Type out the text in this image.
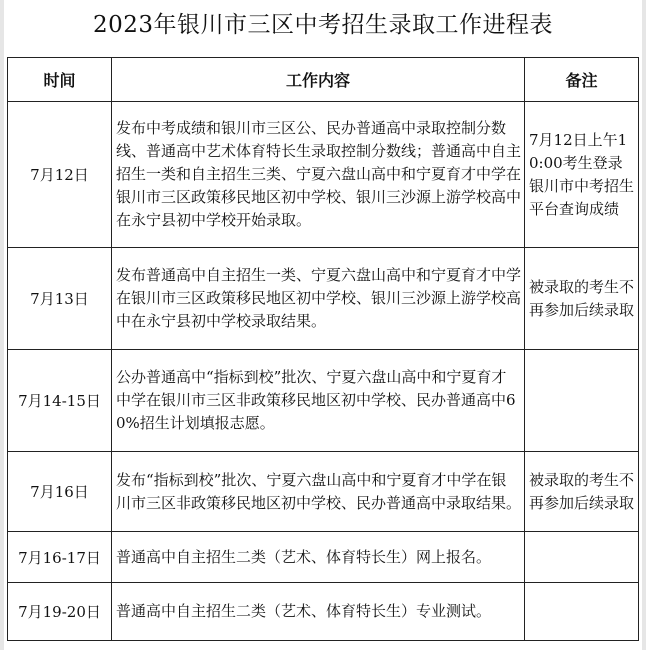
2023年银川市三区中考招生录取工作进程表
时间	工作内容	备注
7月12日	发布中考成绩和银川市三区公、民办普通高中录取控制分数线、普通高中艺术体育特长生录取控制分数线；普通高中自主招生一类和自主招生三类、宁夏六盘山高中和宁夏育才中学在银川市三区政策移民地区初中学校、银川三沙源上游学校高中在永宁县初中学校开始录取。	7月12日上午10:00考生登录银川市中考招生平台查询成绩
7月13日	发布普通高中自主招生一类、宁夏六盘山高中和宁夏育才中学在银川市三区政策移民地区初中学校、银川三沙源上游学校高中在永宁县初中学校录取结果。	被录取的考生不再参加后续录取
7月14-15日	公办普通高中“指标到校”批次、宁夏六盘山高中和宁夏育才中学在银川市三区非政策移民地区初中学校、民办普通高中60%招生计划填报志愿。	
7月16日	发布“指标到校”批次、宁夏六盘山高中和宁夏育才中学在银川市三区非政策移民地区初中学校、民办普通高中录取结果。	被录取的考生不再参加后续录取
7月16-17日	普通高中自主招生二类（艺术、体育特长生）网上报名。	
7月19-20日	普通高中自主招生二类（艺术、体育特长生）专业测试。	
